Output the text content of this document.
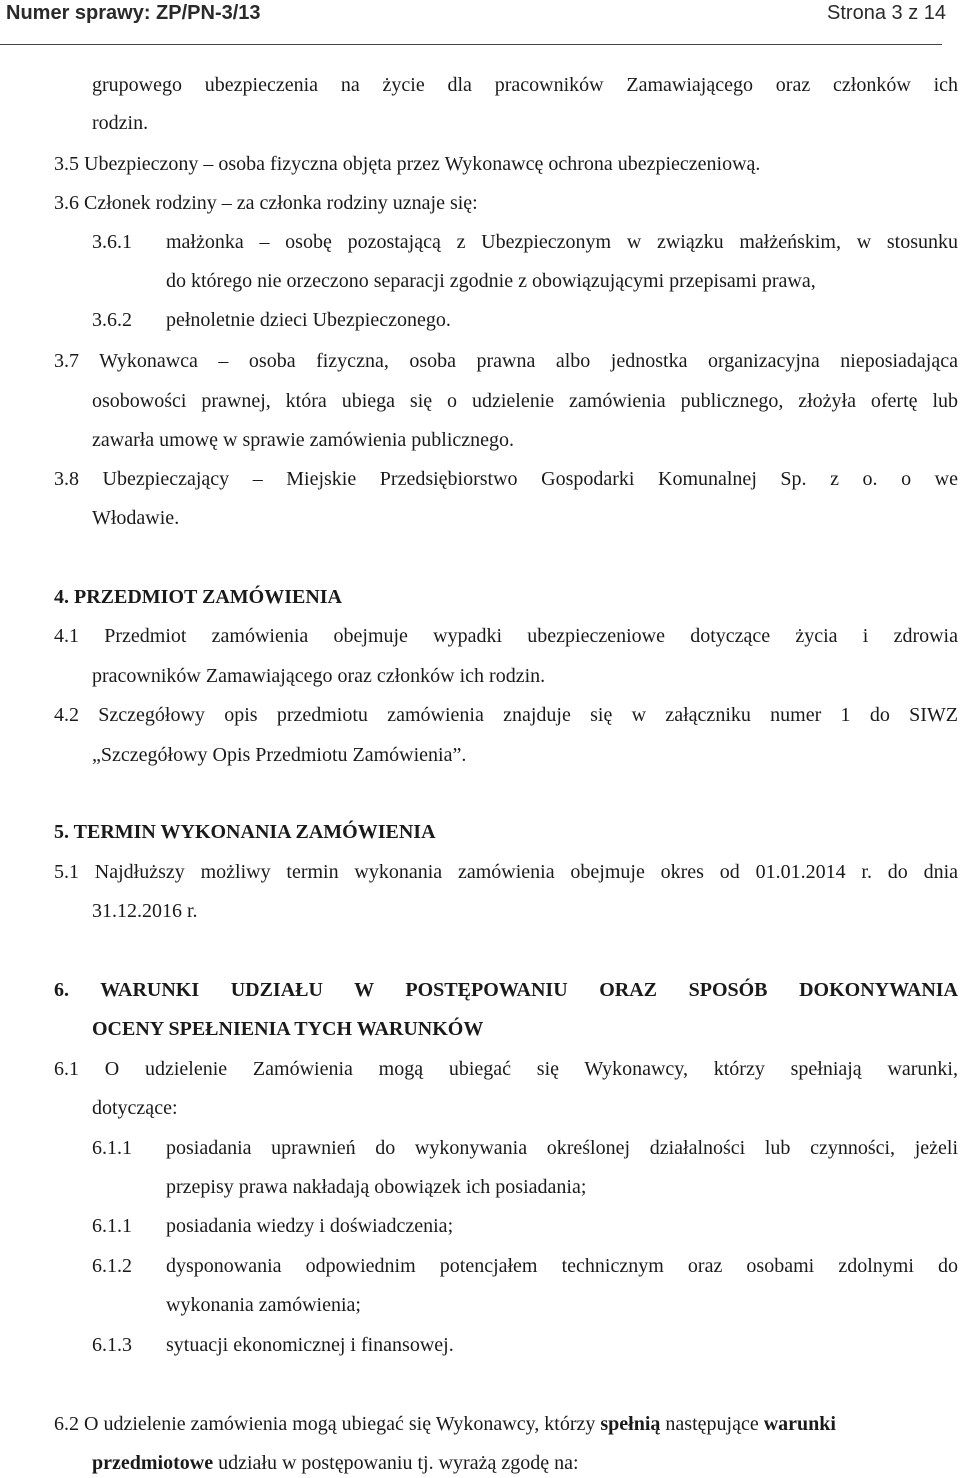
Numer sprawy: ZP/PN-3/13	Strona 3 z 14
grupowego ubezpieczenia na życie dla pracowników Zamawiającego oraz członków ich
rodzin.
3.5 Ubezpieczony – osoba fizyczna objęta przez Wykonawcę ochrona ubezpieczeniową.
3.6 Członek rodziny – za członka rodziny uznaje się:
3.6.1 małżonka – osobę pozostającą z Ubezpieczonym w związku małżeńskim, w stosunku
do którego nie orzeczono separacji zgodnie z obowiązującymi przepisami prawa,
3.6.2 pełnoletnie dzieci Ubezpieczonego.
3.7 Wykonawca – osoba fizyczna, osoba prawna albo jednostka organizacyjna nieposiadająca
osobowości prawnej, która ubiega się o udzielenie zamówienia publicznego, złożyła ofertę lub
zawarła umowę w sprawie zamówienia publicznego.
3.8 Ubezpieczający – Miejskie Przedsiębiorstwo Gospodarki Komunalnej Sp. z o. o we
Włodawie.
4. PRZEDMIOT ZAMÓWIENIA
4.1 Przedmiot zamówienia obejmuje wypadki ubezpieczeniowe dotyczące życia i zdrowia
pracowników Zamawiającego oraz członków ich rodzin.
4.2 Szczegółowy opis przedmiotu zamówienia znajduje się w załączniku numer 1 do SIWZ
„Szczegółowy Opis Przedmiotu Zamówienia”.
5. TERMIN WYKONANIA ZAMÓWIENIA
5.1 Najdłuższy możliwy termin wykonania zamówienia obejmuje okres od 01.01.2014 r. do dnia
31.12.2016 r.
6. WARUNKI UDZIAŁU W POSTĘPOWANIU ORAZ SPOSÓB DOKONYWANIA
OCENY SPEŁNIENIA TYCH WARUNKÓW
6.1 O udzielenie Zamówienia mogą ubiegać się Wykonawcy, którzy spełniają warunki,
dotyczące:
6.1.1 posiadania uprawnień do wykonywania określonej działalności lub czynności, jeżeli
przepisy prawa nakładają obowiązek ich posiadania;
6.1.1 posiadania wiedzy i doświadczenia;
6.1.2 dysponowania odpowiednim potencjałem technicznym oraz osobami zdolnymi do
wykonania zamówienia;
6.1.3 sytuacji ekonomicznej i finansowej.
6.2 O udzielenie zamówienia mogą ubiegać się Wykonawcy, którzy spełnią następujące warunki
przedmiotowe udziału w postępowaniu tj. wyrażą zgodę na:
